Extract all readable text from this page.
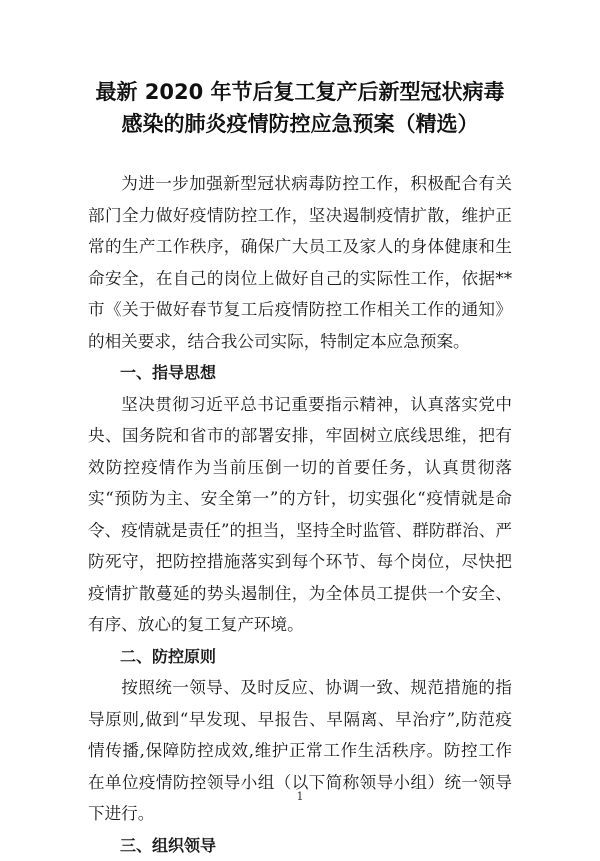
最新 2020 年节后复工复产后新型冠状病毒
感染的肺炎疫情防控应急预案（精选）

为进一步加强新型冠状病毒防控工作，积极配合有关部门全力做好疫情防控工作，坚决遏制疫情扩散，维护正常的生产工作秩序，确保广大员工及家人的身体健康和生命安全，在自己的岗位上做好自己的实际性工作，依据**市《关于做好春节复工后疫情防控工作相关工作的通知》的相关要求，结合我公司实际，特制定本应急预案。

一、指导思想

坚决贯彻习近平总书记重要指示精神，认真落实党中央、国务院和省市的部署安排，牢固树立底线思维，把有效防控疫情作为当前压倒一切的首要任务，认真贯彻落实“预防为主、安全第一”的方针，切实强化“疫情就是命令、疫情就是责任”的担当，坚持全时监管、群防群治、严防死守，把防控措施落实到每个环节、每个岗位，尽快把疫情扩散蔓延的势头遏制住，为全体员工提供一个安全、有序、放心的复工复产环境。

二、防控原则

按照统一领导、及时反应、协调一致、规范措施的指导原则,做到“早发现、早报告、早隔离、早治疗”,防范疫情传播,保障防控成效,维护正常工作生活秩序。防控工作在单位疫情防控领导小组（以下简称领导小组）统一领导下进行。

三、组织领导

1
